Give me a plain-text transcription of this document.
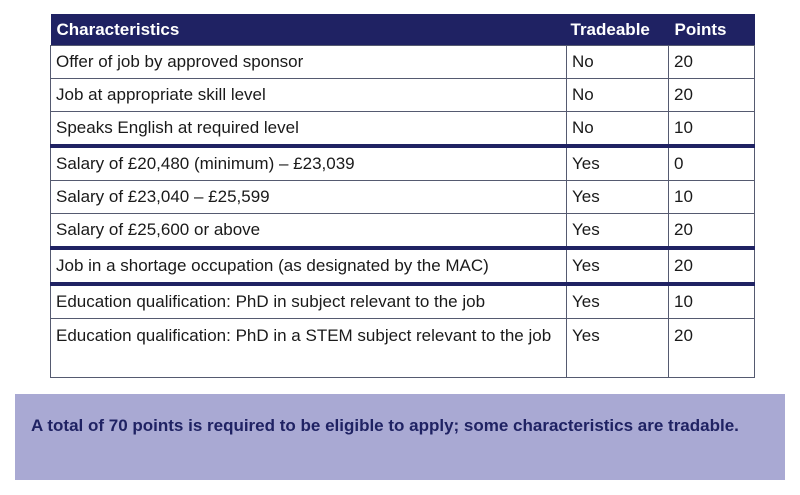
Characteristics	Tradeable	Points
Offer of job by approved sponsor	No	20
Job at appropriate skill level	No	20
Speaks English at required level	No	10
Salary of £20,480 (minimum) – £23,039	Yes	0
Salary of £23,040 – £25,599	Yes	10
Salary of £25,600 or above	Yes	20
Job in a shortage occupation (as designated by the MAC)	Yes	20
Education qualification: PhD in subject relevant to the job	Yes	10
Education qualification: PhD in a STEM subject relevant to the job	Yes	20

A total of 70 points is required to be eligible to apply; some characteristics are tradable.
